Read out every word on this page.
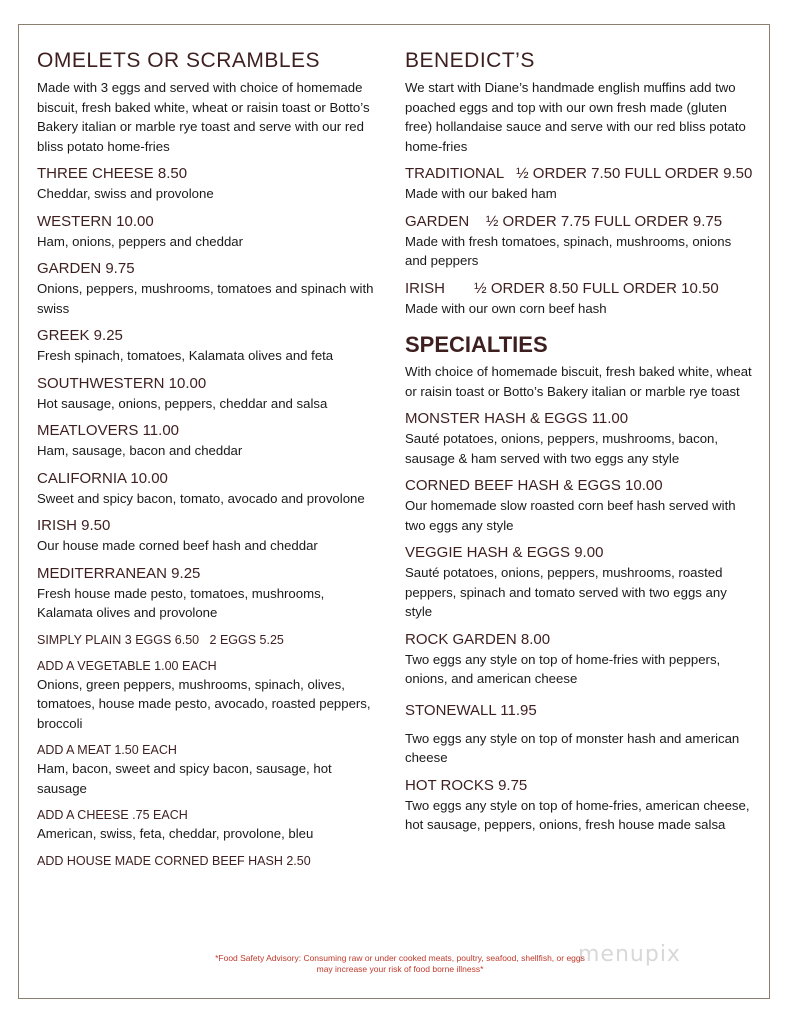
OMELETS OR SCRAMBLES

Made with 3 eggs and served with choice of homemade biscuit, fresh baked white, wheat or raisin toast or Botto’s Bakery italian or marble rye toast and serve with our red bliss potato home-fries

THREE CHEESE 8.50

Cheddar, swiss and provolone

WESTERN 10.00

Ham, onions, peppers and cheddar

GARDEN 9.75

Onions, peppers, mushrooms, tomatoes and spinach with swiss

GREEK 9.25

Fresh spinach, tomatoes, Kalamata olives and feta

SOUTHWESTERN 10.00

Hot sausage, onions, peppers, cheddar and salsa

MEATLOVERS 11.00

Ham, sausage, bacon and cheddar

CALIFORNIA 10.00

Sweet and spicy bacon, tomato, avocado and provolone

IRISH 9.50

Our house made corned beef hash and cheddar

MEDITERRANEAN 9.25

Fresh house made pesto, tomatoes, mushrooms, Kalamata olives and provolone

SIMPLY PLAIN 3 EGGS 6.50   2 EGGS 5.25

ADD A VEGETABLE 1.00 EACH

Onions, green peppers, mushrooms, spinach, olives, tomatoes, house made pesto, avocado, roasted peppers, broccoli

ADD A MEAT 1.50 EACH

Ham, bacon, sweet and spicy bacon, sausage, hot sausage

ADD A CHEESE .75 EACH

American, swiss, feta, cheddar, provolone, bleu

ADD HOUSE MADE CORNED BEEF HASH 2.50

BENEDICT’S

We start with Diane’s handmade english muffins add two poached eggs and top with our own fresh made (gluten free) hollandaise sauce and serve with our red bliss potato home-fries

TRADITIONAL   ½ ORDER 7.50 FULL ORDER 9.50

Made with our baked ham

GARDEN    ½ ORDER 7.75 FULL ORDER 9.75

Made with fresh tomatoes, spinach, mushrooms, onions and peppers

IRISH       ½ ORDER 8.50 FULL ORDER 10.50

Made with our own corn beef hash

SPECIALTIES

With choice of homemade biscuit, fresh baked white, wheat or raisin toast or Botto’s Bakery italian or marble rye toast

MONSTER HASH & EGGS 11.00

Sauté potatoes, onions, peppers, mushrooms, bacon, sausage & ham served with two eggs any style

CORNED BEEF HASH & EGGS 10.00

Our homemade slow roasted corn beef hash served with two eggs any style

VEGGIE HASH & EGGS 9.00

Sauté potatoes, onions, peppers, mushrooms, roasted peppers, spinach and tomato served with two eggs any style

ROCK GARDEN 8.00

Two eggs any style on top of home-fries with peppers, onions, and american cheese

STONEWALL 11.95

Two eggs any style on top of monster hash and american cheese

HOT ROCKS 9.75

Two eggs any style on top of home-fries, american cheese, hot sausage, peppers, onions, fresh house made salsa

menupix
*Food Safety Advisory: Consuming raw or under cooked meats, poultry, seafood, shellfish, or eggs
may increase your risk of food borne illness*
